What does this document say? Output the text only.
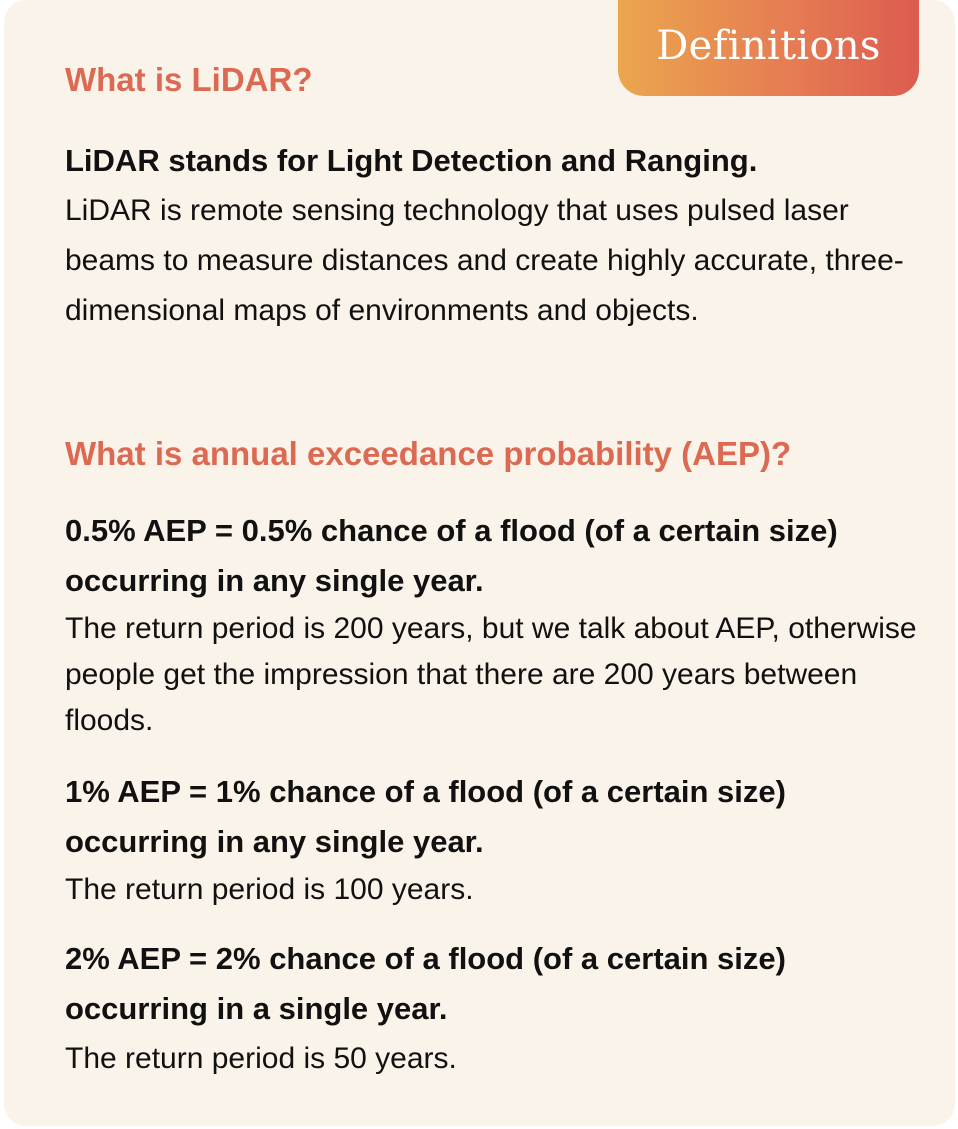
Definitions
What is LiDAR?
LiDAR stands for Light Detection and Ranging.
LiDAR is remote sensing technology that uses pulsed laser beams to measure distances and create highly accurate, three-dimensional maps of environments and objects.
What is annual exceedance probability (AEP)?
0.5% AEP = 0.5% chance of a flood (of a certain size) occurring in any single year.
The return period is 200 years, but we talk about AEP, otherwise people get the impression that there are 200 years between floods.
1% AEP = 1% chance of a flood (of a certain size) occurring in any single year.
The return period is 100 years.
2% AEP = 2% chance of a flood (of a certain size) occurring in a single year.
The return period is 50 years.
